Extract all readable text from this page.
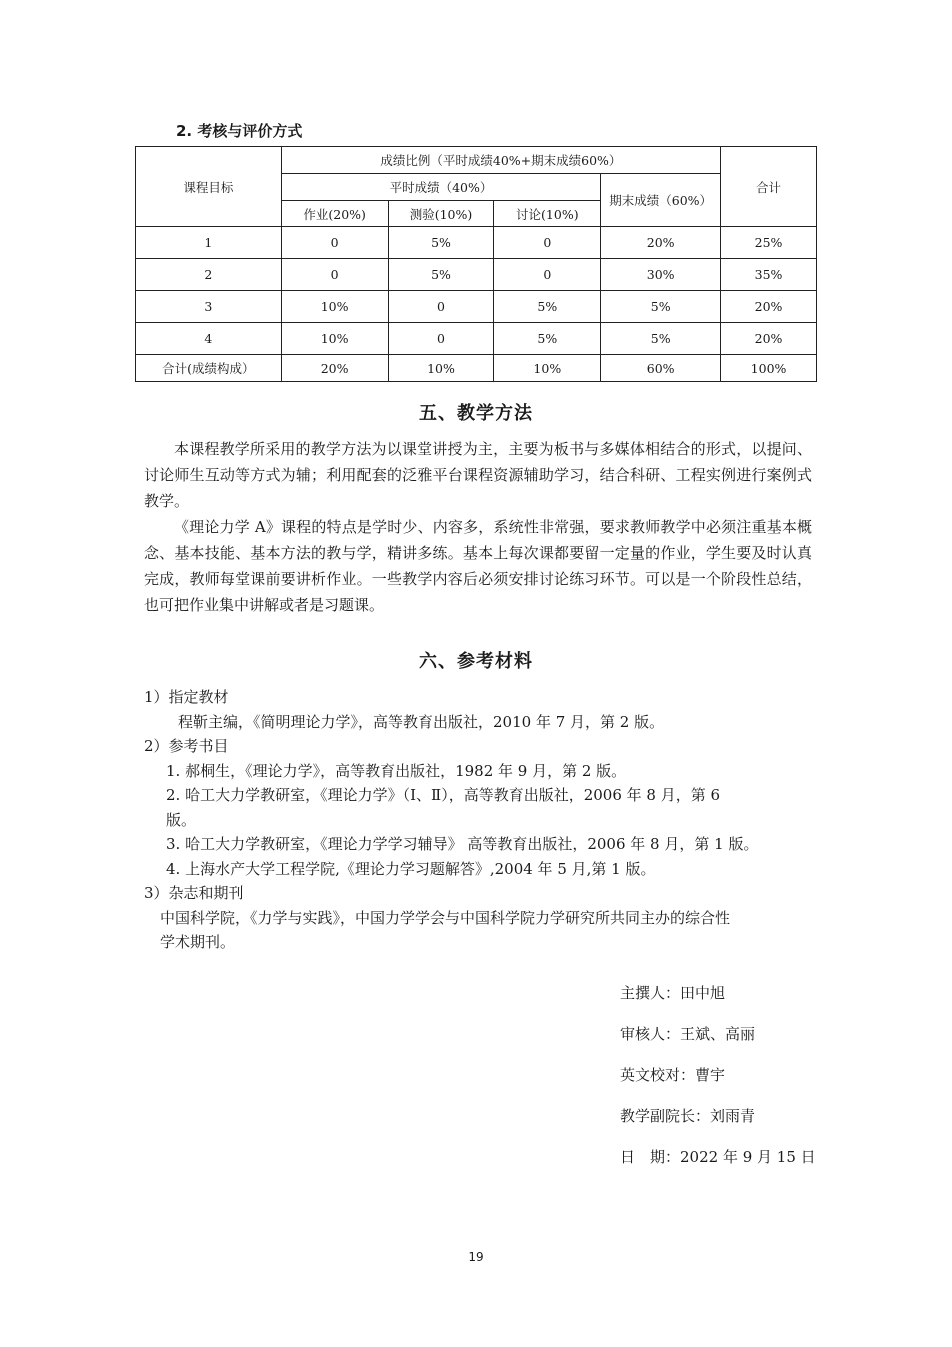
2. 考核与评价方式
课程目标	成绩比例（平时成绩40%+期末成绩60%）				合计
	平时成绩（40%）			期末成绩（60%）	
	作业(20%)	测验(10%)	讨论(10%)		
1	0	5%	0	20%	25%
2	0	5%	0	30%	35%
3	10%	0	5%	5%	20%
4	10%	0	5%	5%	20%
合计(成绩构成）	20%	10%	10%	60%	100%
五、教学方法

本课程教学所采用的教学方法为以课堂讲授为主，主要为板书与多媒体相结合的形式，以提问、讨论师生互动等方式为辅；利用配套的泛雅平台课程资源辅助学习，结合科研、工程实例进行案例式教学。

《理论力学 A》课程的特点是学时少、内容多，系统性非常强，要求教师教学中必须注重基本概念、基本技能、基本方法的教与学，精讲多练。基本上每次课都要留一定量的作业，学生要及时认真完成，教师每堂课前要讲析作业。一些教学内容后必须安排讨论练习环节。可以是一个阶段性总结，也可把作业集中讲解或者是习题课。

六、参考材料

1）指定教材

程靳主编，《简明理论力学》，高等教育出版社，2010 年 7 月，第 2 版。

2）参考书目

1. 郝桐生，《理论力学》，高等教育出版社，1982 年 9 月，第 2 版。

2. 哈工大力学教研室，《理论力学》（Ⅰ、Ⅱ），高等教育出版社，2006 年 8 月，第 6

版。

3. 哈工大力学教研室，《理论力学学习辅导》 高等教育出版社，2006 年 8 月，第 1 版。

4. 上海水产大学工程学院,《理论力学习题解答》,2004 年 5 月,第 1 版。

3）杂志和期刊

中国科学院，《力学与实践》，中国力学学会与中国科学院力学研究所共同主办的综合性

学术期刊。

主撰人：田中旭
审核人：王斌、高丽
英文校对：曹宇
教学副院长：刘雨青
日　期：2022 年 9 月 15 日
19
